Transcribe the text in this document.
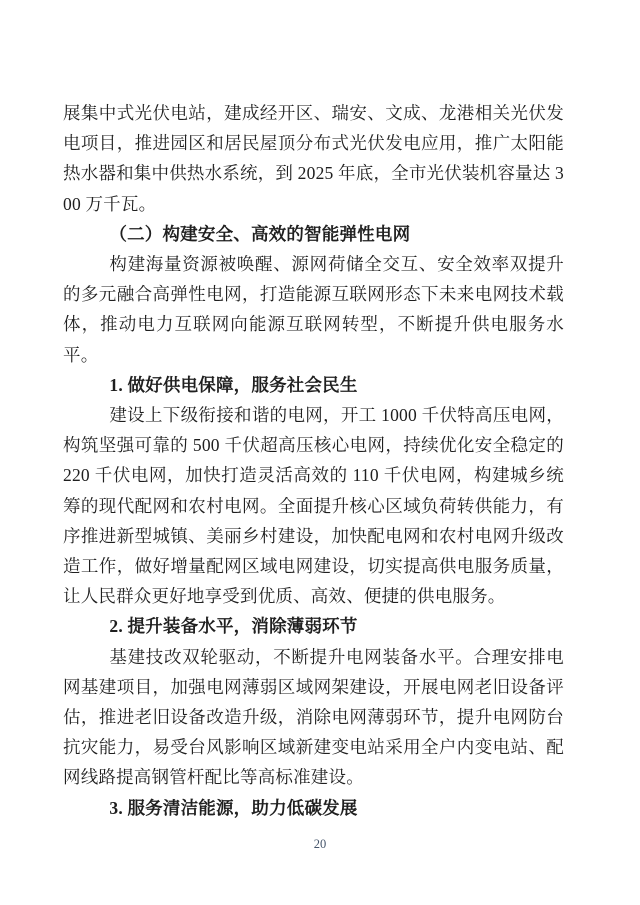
展集中式光伏电站，建成经开区、瑞安、文成、龙港相关光伏发电项目，推进园区和居民屋顶分布式光伏发电应用，推广太阳能热水器和集中供热水系统，到 2025 年底，全市光伏装机容量达 300 万千瓦。

（二）构建安全、高效的智能弹性电网

构建海量资源被唤醒、源网荷储全交互、安全效率双提升的多元融合高弹性电网，打造能源互联网形态下未来电网技术载体，推动电力互联网向能源互联网转型，不断提升供电服务水平。

1. 做好供电保障，服务社会民生

建设上下级衔接和谐的电网，开工 1000 千伏特高压电网，构筑坚强可靠的 500 千伏超高压核心电网，持续优化安全稳定的 220 千伏电网，加快打造灵活高效的 110 千伏电网，构建城乡统筹的现代配网和农村电网。全面提升核心区域负荷转供能力，有序推进新型城镇、美丽乡村建设，加快配电网和农村电网升级改造工作，做好增量配网区域电网建设，切实提高供电服务质量，让人民群众更好地享受到优质、高效、便捷的供电服务。

2. 提升装备水平，消除薄弱环节

基建技改双轮驱动，不断提升电网装备水平。合理安排电网基建项目，加强电网薄弱区域网架建设，开展电网老旧设备评估，推进老旧设备改造升级，消除电网薄弱环节，提升电网防台抗灾能力，易受台风影响区域新建变电站采用全户内变电站、配网线路提高钢管杆配比等高标准建设。

3. 服务清洁能源，助力低碳发展

20
